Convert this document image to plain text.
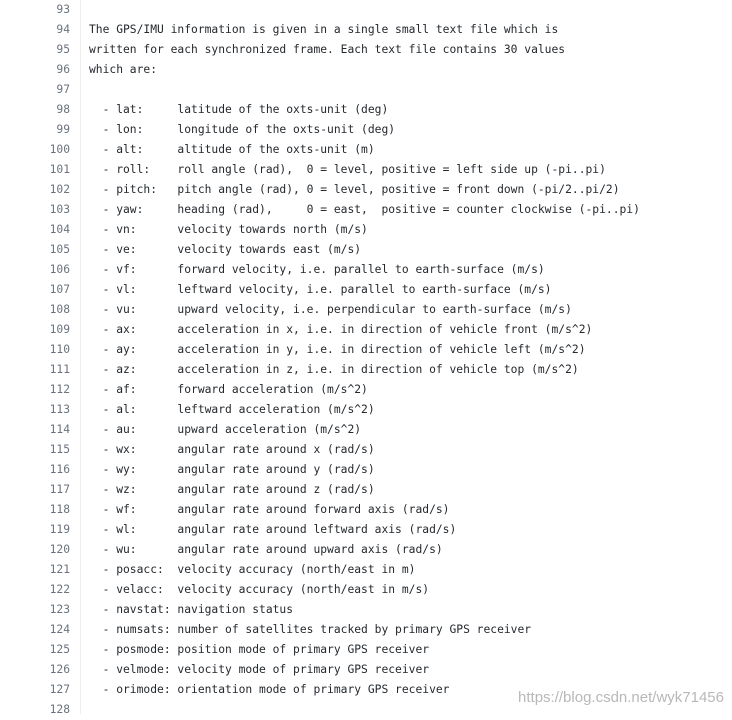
93
94 The GPS/IMU information is given in a single small text file which is
95 written for each synchronized frame. Each text file contains 30 values
96 which are:
97
98 - lat:     latitude of the oxts-unit (deg)
99 - lon:     longitude of the oxts-unit (deg)
100 - alt:     altitude of the oxts-unit (m)
101 - roll:    roll angle (rad),  0 = level, positive = left side up (-pi..pi)
102 - pitch:   pitch angle (rad), 0 = level, positive = front down (-pi/2..pi/2)
103 - yaw:     heading (rad),     0 = east,  positive = counter clockwise (-pi..pi)
104 - vn:      velocity towards north (m/s)
105 - ve:      velocity towards east (m/s)
106 - vf:      forward velocity, i.e. parallel to earth-surface (m/s)
107 - vl:      leftward velocity, i.e. parallel to earth-surface (m/s)
108 - vu:      upward velocity, i.e. perpendicular to earth-surface (m/s)
109 - ax:      acceleration in x, i.e. in direction of vehicle front (m/s^2)
110 - ay:      acceleration in y, i.e. in direction of vehicle left (m/s^2)
111 - az:      acceleration in z, i.e. in direction of vehicle top (m/s^2)
112 - af:      forward acceleration (m/s^2)
113 - al:      leftward acceleration (m/s^2)
114 - au:      upward acceleration (m/s^2)
115 - wx:      angular rate around x (rad/s)
116 - wy:      angular rate around y (rad/s)
117 - wz:      angular rate around z (rad/s)
118 - wf:      angular rate around forward axis (rad/s)
119 - wl:      angular rate around leftward axis (rad/s)
120 - wu:      angular rate around upward axis (rad/s)
121 - posacc:  velocity accuracy (north/east in m)
122 - velacc:  velocity accuracy (north/east in m/s)
123 - navstat: navigation status
124 - numsats: number of satellites tracked by primary GPS receiver
125 - posmode: position mode of primary GPS receiver
126 - velmode: velocity mode of primary GPS receiver
127 - orimode: orientation mode of primary GPS receiver
128
https://blog.csdn.net/wyk71456
